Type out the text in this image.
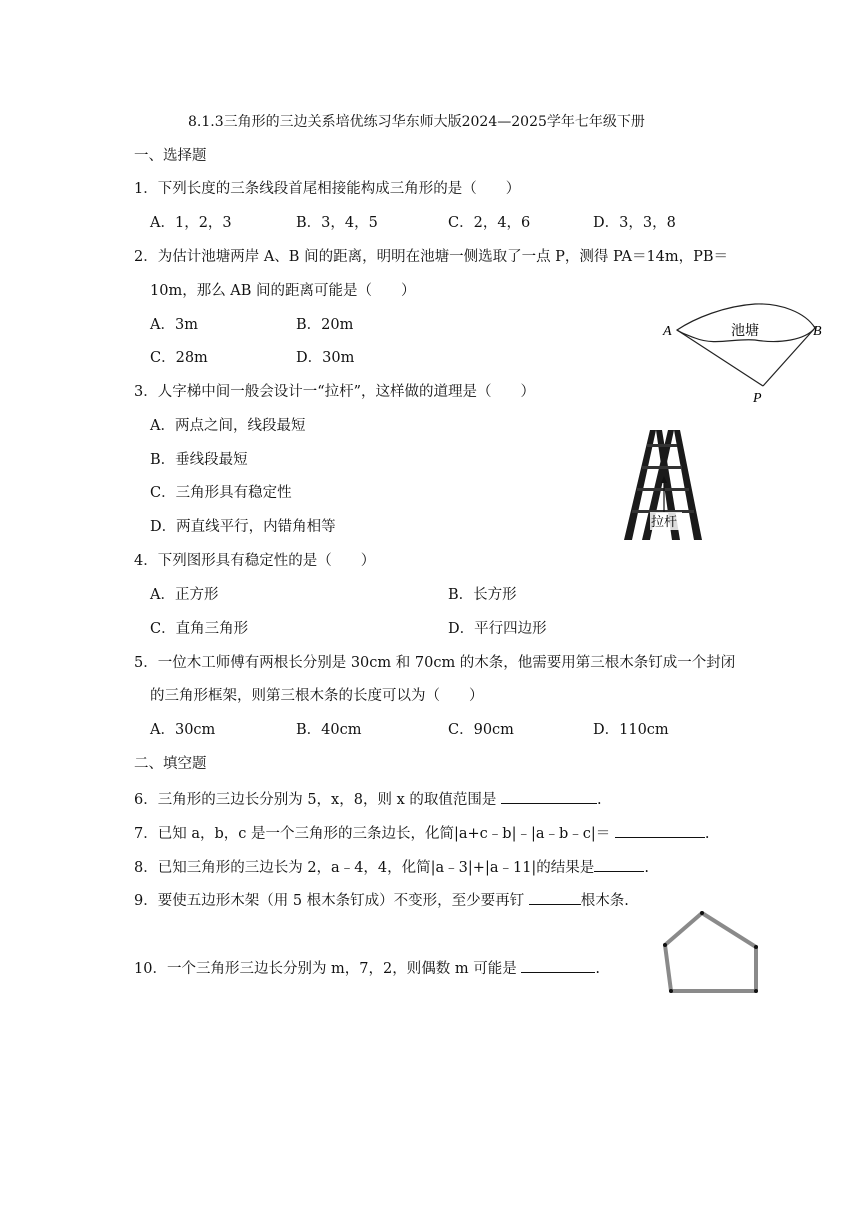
8.1.3三角形的三边关系培优练习华东师大版2024—2025学年七年级下册
一、选择题
1．下列长度的三条线段首尾相接能构成三角形的是（　　）
A．1，2，3	B．3，4，5	C．2，4，6	D．3，3，8
2．为估计池塘两岸 A、B 间的距离，明明在池塘一侧选取了一点 P，测得 PA＝14m，PB＝
10m，那么 AB 间的距离可能是（　　）
A．3m	B．20m
C．28m	D．30m
A	B
P
池塘
3．人字梯中间一般会设计一“拉杆”，这样做的道理是（　　）
A．两点之间，线段最短
B．垂线段最短
C．三角形具有稳定性
D．两直线平行，内错角相等	拉杆
4．下列图形具有稳定性的是（　　）
A．正方形	B．长方形
C．直角三角形	D．平行四边形
5．一位木工师傅有两根长分别是 30cm 和 70cm 的木条，他需要用第三根木条钉成一个封闭
的三角形框架，则第三根木条的长度可以为（　　）
A．30cm	B．40cm	C．90cm	D．110cm
二、填空题
6．三角形的三边长分别为 5，x，8，则 x 的取值范围是	.
7．已知 a，b，c 是一个三角形的三条边长，化简|a+c﹣b|﹣|a﹣b﹣c|＝	.
8．已知三角形的三边长为 2，a﹣4，4，化简|a﹣3|+|a﹣11|的结果是	.
9．要使五边形木架（用 5 根木条钉成）不变形，至少要再钉	根木条.
10．一个三角形三边长分别为 m，7，2，则偶数 m 可能是	.
